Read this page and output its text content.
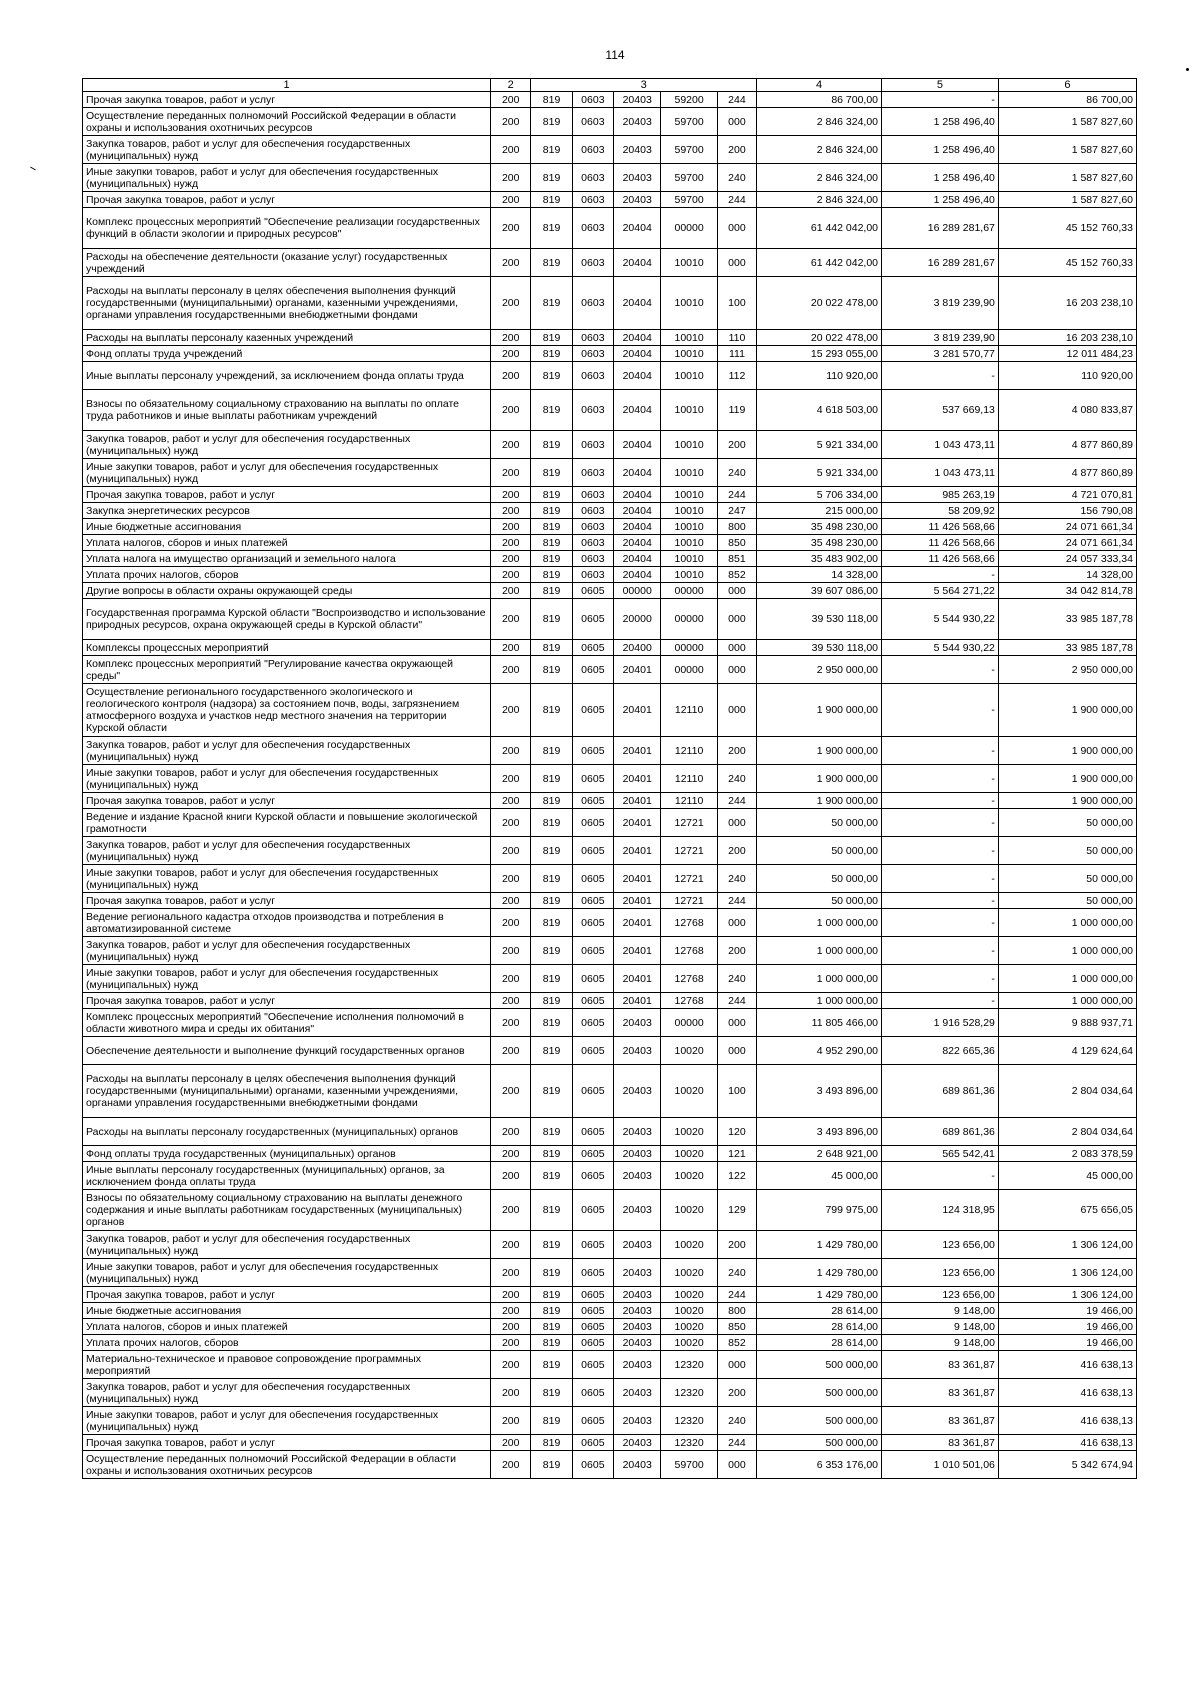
114
1	2	3					4	5	6
Прочая закупка товаров, работ и услуг	200	819	0603	20403	59200	244	86 700,00	-	86 700,00
Осуществление переданных полномочий Российской Федерации в области охраны и использования охотничьих ресурсов	200	819	0603	20403	59700	000	2 846 324,00	1 258 496,40	1 587 827,60
Закупка товаров, работ и услуг для обеспечения государственных (муниципальных) нужд	200	819	0603	20403	59700	200	2 846 324,00	1 258 496,40	1 587 827,60
Иные закупки товаров, работ и услуг для обеспечения государственных (муниципальных) нужд	200	819	0603	20403	59700	240	2 846 324,00	1 258 496,40	1 587 827,60
Прочая закупка товаров, работ и услуг	200	819	0603	20403	59700	244	2 846 324,00	1 258 496,40	1 587 827,60
Комплекс процессных мероприятий "Обеспечение реализации государственных функций в области экологии и природных ресурсов"	200	819	0603	20404	00000	000	61 442 042,00	16 289 281,67	45 152 760,33
Расходы на обеспечение деятельности (оказание услуг) государственных учреждений	200	819	0603	20404	10010	000	61 442 042,00	16 289 281,67	45 152 760,33
Расходы на выплаты персоналу в целях обеспечения выполнения функций государственными (муниципальными) органами, казенными учреждениями, органами управления государственными внебюджетными фондами	200	819	0603	20404	10010	100	20 022 478,00	3 819 239,90	16 203 238,10
Расходы на выплаты персоналу казенных учреждений	200	819	0603	20404	10010	110	20 022 478,00	3 819 239,90	16 203 238,10
Фонд оплаты труда учреждений	200	819	0603	20404	10010	111	15 293 055,00	3 281 570,77	12 011 484,23
Иные выплаты персоналу учреждений, за исключением фонда оплаты труда	200	819	0603	20404	10010	112	110 920,00	-	110 920,00
Взносы по обязательному социальному страхованию на выплаты по оплате труда работников и иные выплаты работникам учреждений	200	819	0603	20404	10010	119	4 618 503,00	537 669,13	4 080 833,87
Закупка товаров, работ и услуг для обеспечения государственных (муниципальных) нужд	200	819	0603	20404	10010	200	5 921 334,00	1 043 473,11	4 877 860,89
Иные закупки товаров, работ и услуг для обеспечения государственных (муниципальных) нужд	200	819	0603	20404	10010	240	5 921 334,00	1 043 473,11	4 877 860,89
Прочая закупка товаров, работ и услуг	200	819	0603	20404	10010	244	5 706 334,00	985 263,19	4 721 070,81
Закупка энергетических ресурсов	200	819	0603	20404	10010	247	215 000,00	58 209,92	156 790,08
Иные бюджетные ассигнования	200	819	0603	20404	10010	800	35 498 230,00	11 426 568,66	24 071 661,34
Уплата налогов, сборов и иных платежей	200	819	0603	20404	10010	850	35 498 230,00	11 426 568,66	24 071 661,34
Уплата налога на имущество организаций и земельного налога	200	819	0603	20404	10010	851	35 483 902,00	11 426 568,66	24 057 333,34
Уплата прочих налогов, сборов	200	819	0603	20404	10010	852	14 328,00	-	14 328,00
Другие вопросы в области охраны окружающей среды	200	819	0605	00000	00000	000	39 607 086,00	5 564 271,22	34 042 814,78
Государственная программа Курской области "Воспроизводство и использование природных ресурсов, охрана окружающей среды в Курской области"	200	819	0605	20000	00000	000	39 530 118,00	5 544 930,22	33 985 187,78
Комплексы процессных мероприятий	200	819	0605	20400	00000	000	39 530 118,00	5 544 930,22	33 985 187,78
Комплекс процессных мероприятий "Регулирование качества окружающей среды"	200	819	0605	20401	00000	000	2 950 000,00	-	2 950 000,00
Осуществление регионального государственного экологического и геологического контроля (надзора) за состоянием почв, воды, загрязнением атмосферного воздуха и участков недр местного значения на территории Курской области	200	819	0605	20401	12110	000	1 900 000,00	-	1 900 000,00
Закупка товаров, работ и услуг для обеспечения государственных (муниципальных) нужд	200	819	0605	20401	12110	200	1 900 000,00	-	1 900 000,00
Иные закупки товаров, работ и услуг для обеспечения государственных (муниципальных) нужд	200	819	0605	20401	12110	240	1 900 000,00	-	1 900 000,00
Прочая закупка товаров, работ и услуг	200	819	0605	20401	12110	244	1 900 000,00	-	1 900 000,00
Ведение и издание Красной книги Курской области и повышение экологической грамотности	200	819	0605	20401	12721	000	50 000,00	-	50 000,00
Закупка товаров, работ и услуг для обеспечения государственных (муниципальных) нужд	200	819	0605	20401	12721	200	50 000,00	-	50 000,00
Иные закупки товаров, работ и услуг для обеспечения государственных (муниципальных) нужд	200	819	0605	20401	12721	240	50 000,00	-	50 000,00
Прочая закупка товаров, работ и услуг	200	819	0605	20401	12721	244	50 000,00	-	50 000,00
Ведение регионального кадастра отходов производства и потребления в автоматизированной системе	200	819	0605	20401	12768	000	1 000 000,00	-	1 000 000,00
Закупка товаров, работ и услуг для обеспечения государственных (муниципальных) нужд	200	819	0605	20401	12768	200	1 000 000,00	-	1 000 000,00
Иные закупки товаров, работ и услуг для обеспечения государственных (муниципальных) нужд	200	819	0605	20401	12768	240	1 000 000,00	-	1 000 000,00
Прочая закупка товаров, работ и услуг	200	819	0605	20401	12768	244	1 000 000,00	-	1 000 000,00
Комплекс процессных мероприятий "Обеспечение исполнения полномочий в области животного мира и среды их обитания"	200	819	0605	20403	00000	000	11 805 466,00	1 916 528,29	9 888 937,71
Обеспечение деятельности и выполнение функций государственных органов	200	819	0605	20403	10020	000	4 952 290,00	822 665,36	4 129 624,64
Расходы на выплаты персоналу в целях обеспечения выполнения функций государственными (муниципальными) органами, казенными учреждениями, органами управления государственными внебюджетными фондами	200	819	0605	20403	10020	100	3 493 896,00	689 861,36	2 804 034,64
Расходы на выплаты персоналу государственных (муниципальных) органов	200	819	0605	20403	10020	120	3 493 896,00	689 861,36	2 804 034,64
Фонд оплаты труда государственных (муниципальных) органов	200	819	0605	20403	10020	121	2 648 921,00	565 542,41	2 083 378,59
Иные выплаты персоналу государственных (муниципальных) органов, за исключением фонда оплаты труда	200	819	0605	20403	10020	122	45 000,00	-	45 000,00
Взносы по обязательному социальному страхованию на выплаты денежного содержания и иные выплаты работникам государственных (муниципальных) органов	200	819	0605	20403	10020	129	799 975,00	124 318,95	675 656,05
Закупка товаров, работ и услуг для обеспечения государственных (муниципальных) нужд	200	819	0605	20403	10020	200	1 429 780,00	123 656,00	1 306 124,00
Иные закупки товаров, работ и услуг для обеспечения государственных (муниципальных) нужд	200	819	0605	20403	10020	240	1 429 780,00	123 656,00	1 306 124,00
Прочая закупка товаров, работ и услуг	200	819	0605	20403	10020	244	1 429 780,00	123 656,00	1 306 124,00
Иные бюджетные ассигнования	200	819	0605	20403	10020	800	28 614,00	9 148,00	19 466,00
Уплата налогов, сборов и иных платежей	200	819	0605	20403	10020	850	28 614,00	9 148,00	19 466,00
Уплата прочих налогов, сборов	200	819	0605	20403	10020	852	28 614,00	9 148,00	19 466,00
Материально-техническое и правовое сопровождение программных мероприятий	200	819	0605	20403	12320	000	500 000,00	83 361,87	416 638,13
Закупка товаров, работ и услуг для обеспечения государственных (муниципальных) нужд	200	819	0605	20403	12320	200	500 000,00	83 361,87	416 638,13
Иные закупки товаров, работ и услуг для обеспечения государственных (муниципальных) нужд	200	819	0605	20403	12320	240	500 000,00	83 361,87	416 638,13
Прочая закупка товаров, работ и услуг	200	819	0605	20403	12320	244	500 000,00	83 361,87	416 638,13
Осуществление переданных полномочий Российской Федерации в области охраны и использования охотничьих ресурсов	200	819	0605	20403	59700	000	6 353 176,00	1 010 501,06	5 342 674,94
